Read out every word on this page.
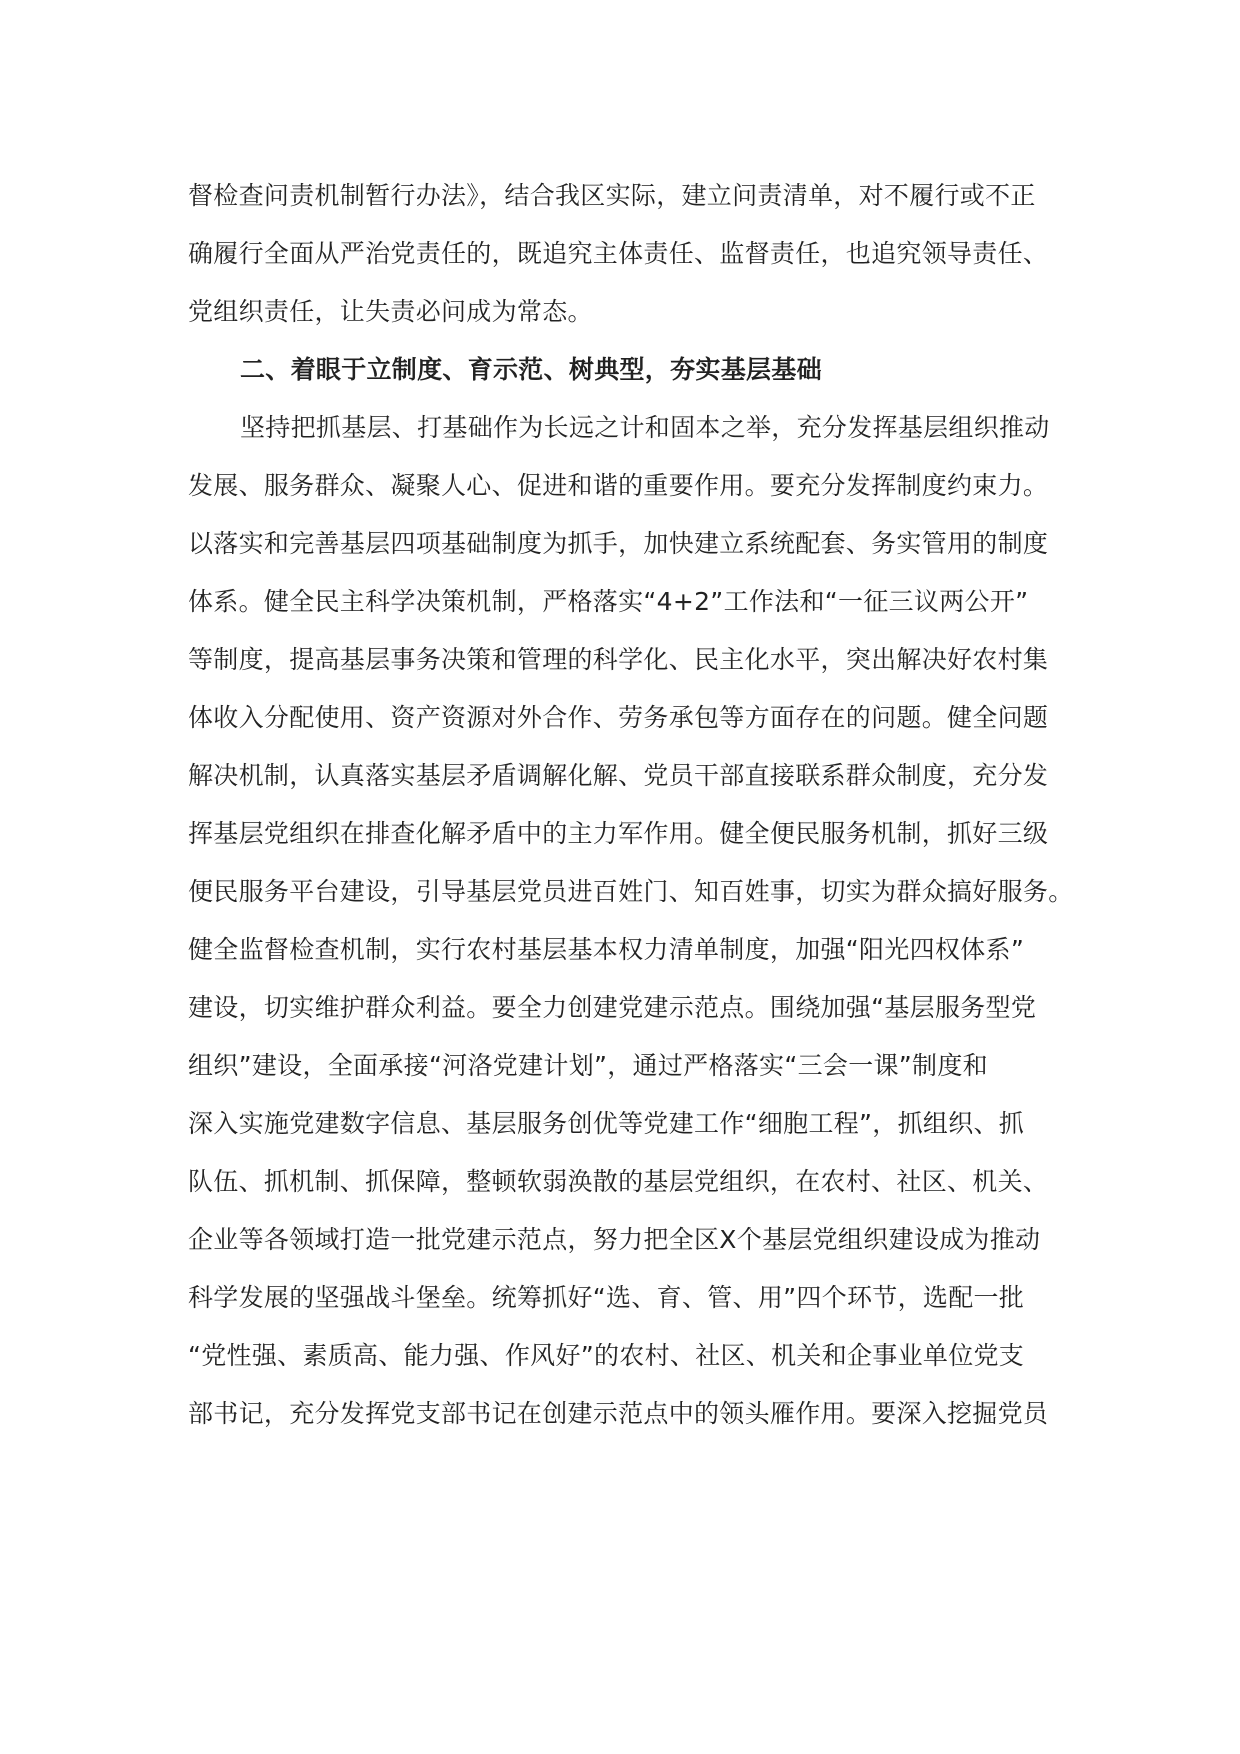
督检查问责机制暂行办法》，结合我区实际，建立问责清单，对不履行或不正
确履行全面从严治党责任的，既追究主体责任、监督责任，也追究领导责任、
党组织责任，让失责必问成为常态。
二、着眼于立制度、育示范、树典型，夯实基层基础
坚持把抓基层、打基础作为长远之计和固本之举，充分发挥基层组织推动
发展、服务群众、凝聚人心、促进和谐的重要作用。要充分发挥制度约束力。
以落实和完善基层四项基础制度为抓手，加快建立系统配套、务实管用的制度
体系。健全民主科学决策机制，严格落实“4+2”工作法和“一征三议两公开”
等制度，提高基层事务决策和管理的科学化、民主化水平，突出解决好农村集
体收入分配使用、资产资源对外合作、劳务承包等方面存在的问题。健全问题
解决机制，认真落实基层矛盾调解化解、党员干部直接联系群众制度，充分发
挥基层党组织在排查化解矛盾中的主力军作用。健全便民服务机制，抓好三级
便民服务平台建设，引导基层党员进百姓门、知百姓事，切实为群众搞好服务。
健全监督检查机制，实行农村基层基本权力清单制度，加强“阳光四权体系”
建设，切实维护群众利益。要全力创建党建示范点。围绕加强“基层服务型党
组织”建设，全面承接“河洛党建计划”，通过严格落实“三会一课”制度和
深入实施党建数字信息、基层服务创优等党建工作“细胞工程”，抓组织、抓
队伍、抓机制、抓保障，整顿软弱涣散的基层党组织，在农村、社区、机关、
企业等各领域打造一批党建示范点，努力把全区X个基层党组织建设成为推动
科学发展的坚强战斗堡垒。统筹抓好“选、育、管、用”四个环节，选配一批
“党性强、素质高、能力强、作风好”的农村、社区、机关和企事业单位党支
部书记，充分发挥党支部书记在创建示范点中的领头雁作用。要深入挖掘党员
